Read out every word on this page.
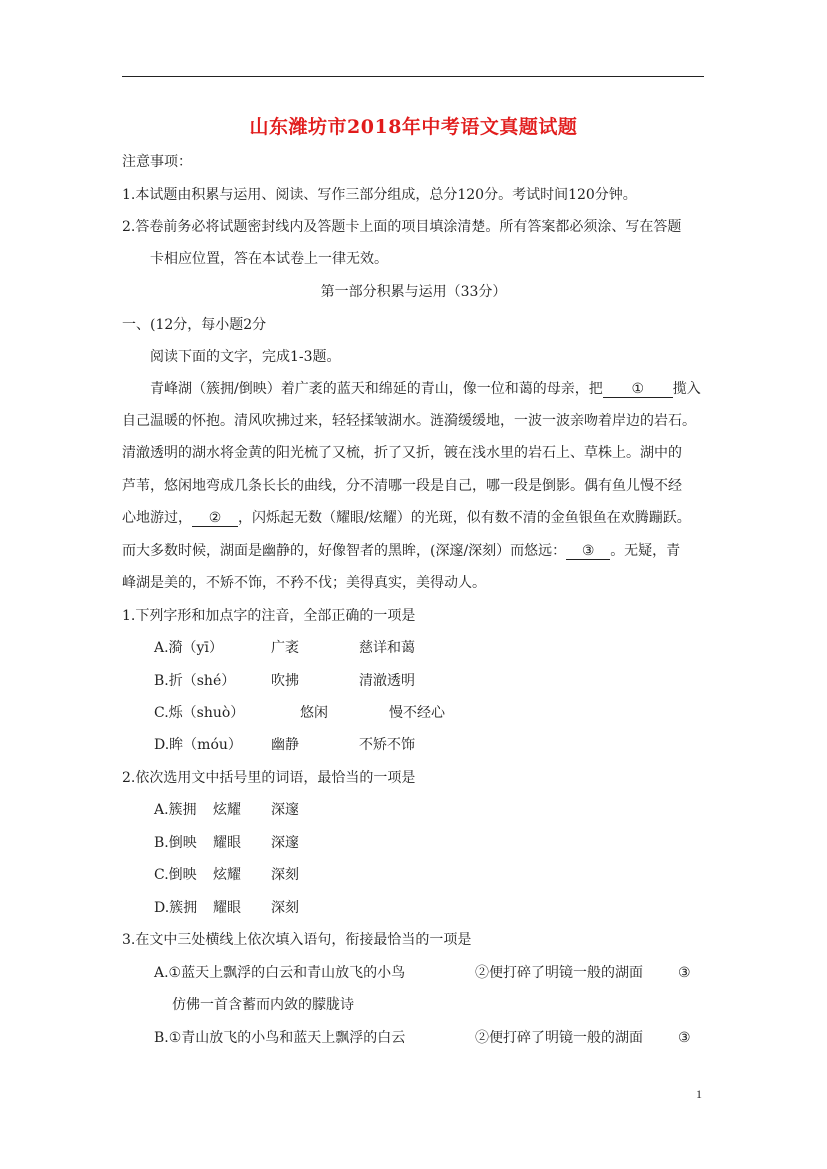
山东潍坊市2018年中考语文真题试题
注意事项：
1.本试题由积累与运用、阅读、写作三部分组成，总分120分。考试时间120分钟。
2.答卷前务必将试题密封线内及答题卡上面的项目填涂清楚。所有答案都必须涂、写在答题
卡相应位置，答在本试卷上一律无效。
第一部分积累与运用（33分）
一、(12分，每小题2分
阅读下面的文字，完成1-3题。
青峰湖（簇拥/倒映）着广袤的蓝天和绵延的青山，像一位和蔼的母亲，把 ① 揽入
自己温暖的怀抱。清风吹拂过来，轻轻揉皱湖水。涟漪缓缓地，一波一波亲吻着岸边的岩石。
清澈透明的湖水将金黄的阳光梳了又梳，折了又折，镀在浅水里的岩石上、草株上。湖中的
芦苇，悠闲地弯成几条长长的曲线，分不清哪一段是自己，哪一段是倒影。偶有鱼儿慢不经
心地游过， ② ，闪烁起无数（耀眼/炫耀）的光斑，似有数不清的金鱼银鱼在欢腾蹦跃。
而大多数时候，湖面是幽静的，好像智者的黑眸，(深邃/深刻）而悠远： ③ 。无疑，青
峰湖是美的，不矫不饰，不矜不伐；美得真实，美得动人。
1.下列字形和加点字的注音，全部正确的一项是
A.漪（yī）	广袤	慈详和蔼
B.折（shé）	吹拂	清澈透明
C.烁（shuò）	悠闲	慢不经心
D.眸（móu） 幽静	不矫不饰
2.依次选用文中括号里的词语，最恰当的一项是
A.簇拥 炫耀 深邃
B.倒映 耀眼 深邃
C.倒映 炫耀 深刻
D.簇拥 耀眼 深刻
3.在文中三处横线上依次填入语句，衔接最恰当的一项是
A.①蓝天上飘浮的白云和青山放飞的小鸟	②便打碎了明镜一般的湖面	③
仿佛一首含蓄而内敛的朦胧诗
B.①青山放飞的小鸟和蓝天上飘浮的白云	②便打碎了明镜一般的湖面	③
1
